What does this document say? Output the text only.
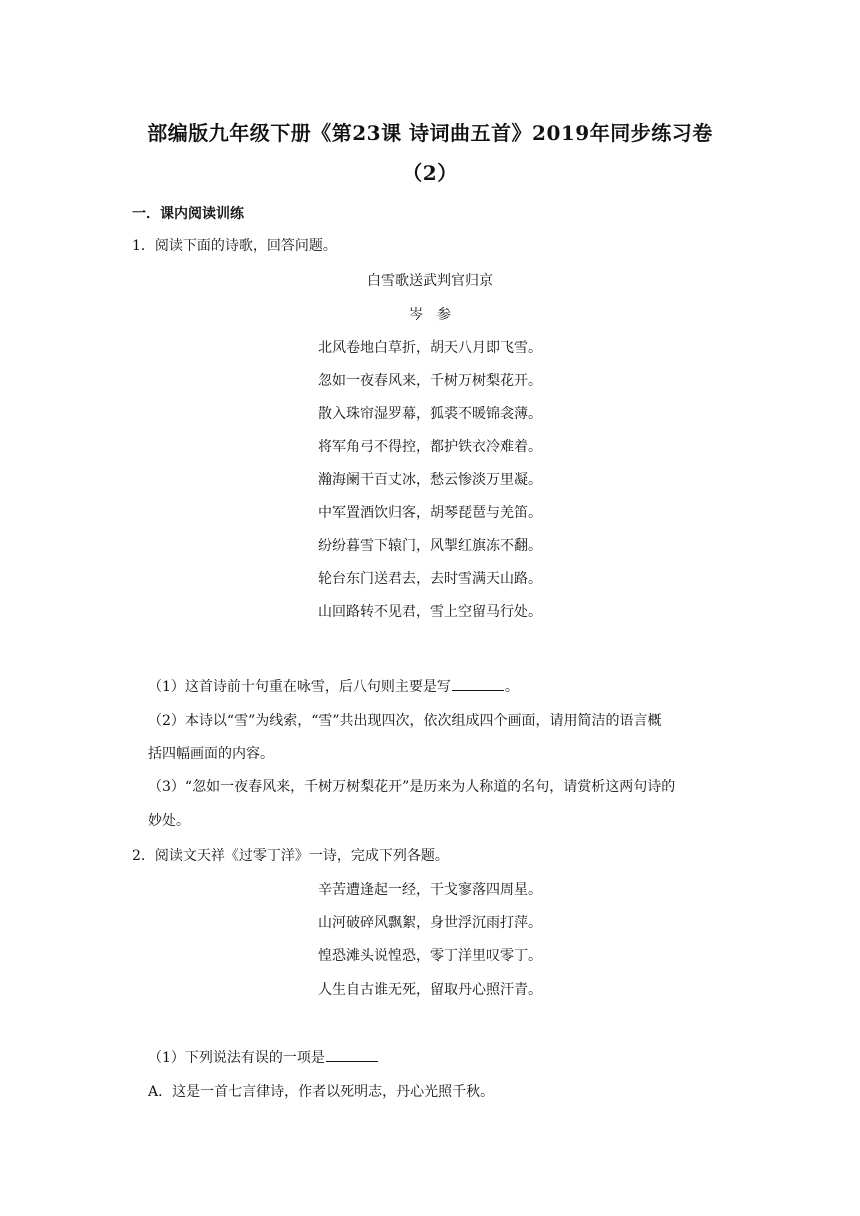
部编版九年级下册《第23课 诗词曲五首》2019年同步练习卷
（2）
一．课内阅读训练
1．阅读下面的诗歌，回答问题。
白雪歌送武判官归京
岑　参
北风卷地白草折，胡天八月即飞雪。
忽如一夜春风来，千树万树梨花开。
散入珠帘湿罗幕，狐裘不暖锦衾薄。
将军角弓不得控，都护铁衣冷难着。
瀚海阑干百丈冰，愁云惨淡万里凝。
中军置酒饮归客，胡琴琵琶与羌笛。
纷纷暮雪下辕门，风掣红旗冻不翻。
轮台东门送君去，去时雪满天山路。
山回路转不见君，雪上空留马行处。
（1）这首诗前十句重在咏雪，后八句则主要是写	。
（2）本诗以“雪”为线索，“雪”共出现四次，依次组成四个画面，请用简洁的语言概
括四幅画面的内容。
（3）“忽如一夜春风来，千树万树梨花开”是历来为人称道的名句，请赏析这两句诗的
妙处。
2．阅读文天祥《过零丁洋》一诗，完成下列各题。
辛苦遭逢起一经，干戈寥落四周星。
山河破碎风飘絮，身世浮沉雨打萍。
惶恐滩头说惶恐，零丁洋里叹零丁。
人生自古谁无死，留取丹心照汗青。
（1）下列说法有误的一项是
A．这是一首七言律诗，作者以死明志，丹心光照千秋。
